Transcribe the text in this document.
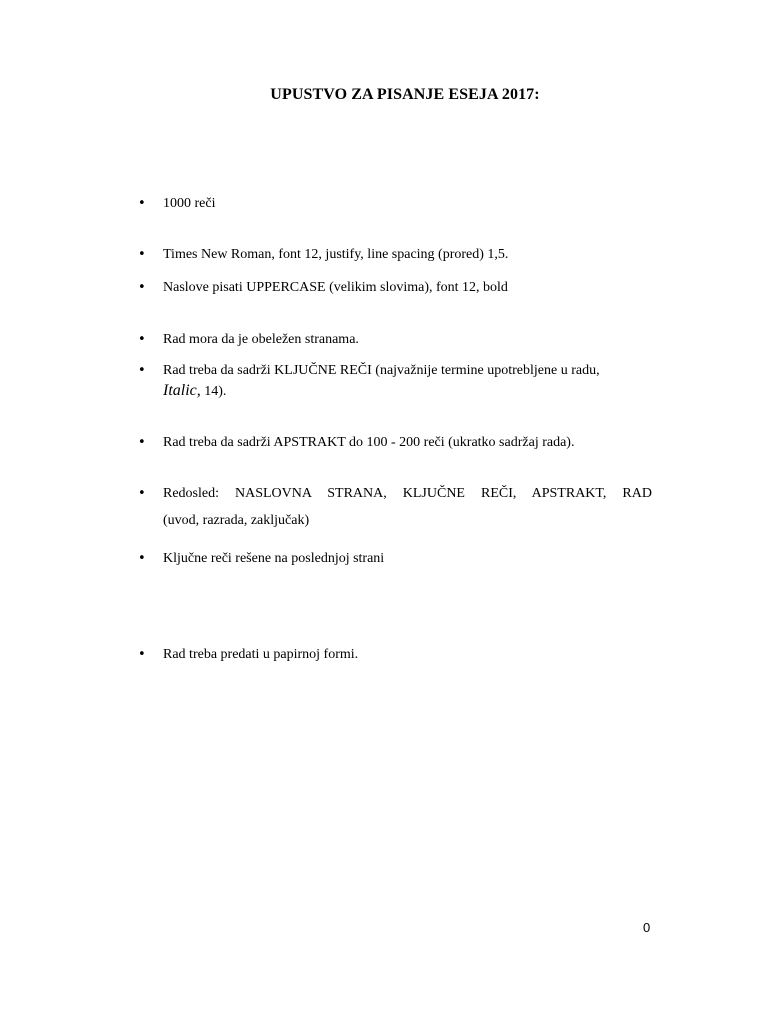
UPUSTVO ZA PISANJE ESEJA 2017:
• 1000 reči
• Times New Roman, font 12, justify, line spacing (prored) 1,5.
• Naslove pisati UPPERCASE (velikim slovima), font 12, bold
• Rad mora da je obeležen stranama.
• Rad treba da sadrži KLJUČNE REČI (najvažnije termine upotrebljene u radu,
Italic, 14).
• Rad treba da sadrži APSTRAKT do 100 - 200 reči (ukratko sadržaj rada).
• Redosled: NASLOVNA STRANA, KLJUČNE REČI, APSTRAKT, RAD
(uvod, razrada, zaključak)
• Ključne reči rešene na poslednjoj strani
• Rad treba predati u papirnoj formi.
0
